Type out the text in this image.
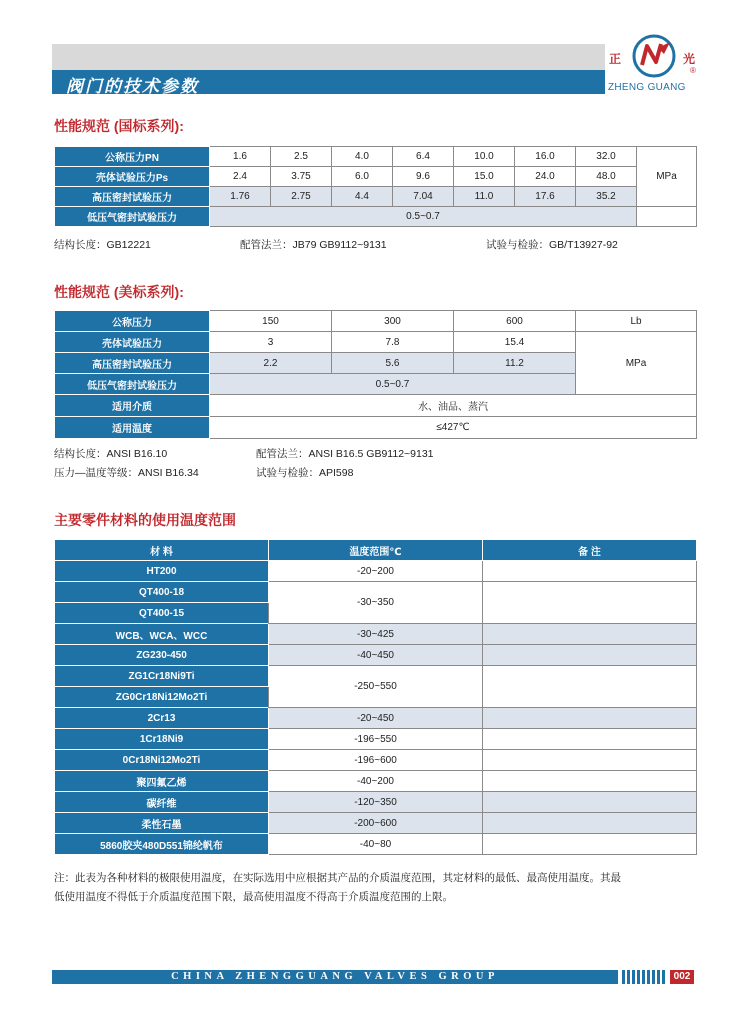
阀门的技术参数
正	光
®
ZHENG GUANG
性能规范 (国标系列):
公称压力PN	1.6	2.5	4.0	6.4	10.0	16.0	32.0	MPa
壳体试验压力Ps	2.4	3.75	6.0	9.6	15.0	24.0	48.0	
高压密封试验压力	1.76	2.75	4.4	7.04	11.0	17.6	35.2	
低压气密封试验压力	0.5~0.7							
结构长度：GB12221	配管法兰：JB79 GB9112~9131	试验与检验：GB/T13927-92
性能规范 (美标系列):
公称压力	150	300	600	Lb
壳体试验压力	3	7.8	15.4	MPa
高压密封试验压力	2.2	5.6	11.2	
低压气密封试验压力	0.5~0.7			
适用介质	水、油品、蒸汽			
适用温度	≤427℃			
结构长度：ANSI B16.10	配管法兰：ANSI B16.5 GB9112~9131
压力—温度等级：ANSI B16.34	试验与检验：API598
主要零件材料的使用温度范围
材 料	温度范围℃	备 注
HT200	-20~200	
QT400-18	-30~350	
QT400-15		
WCB、WCA、WCC	-30~425	
ZG230-450	-40~450	
ZG1Cr18Ni9Ti	-250~550	
ZG0Cr18Ni12Mo2Ti		
2Cr13	-20~450	
1Cr18Ni9	-196~550	
0Cr18Ni12Mo2Ti	-196~600	
聚四氟乙烯	-40~200	
碳纤维	-120~350	
柔性石墨	-200~600	
5860胶夹480D551锦纶帆布	-40~80	
注：此表为各种材料的极限使用温度，在实际选用中应根据其产品的介质温度范围，其定材料的最低、最高使用温度。其最
低使用温度不得低于介质温度范围下限，最高使用温度不得高于介质温度范围的上限。
CHINA ZHENGGUANG VALVES GROUP	002
